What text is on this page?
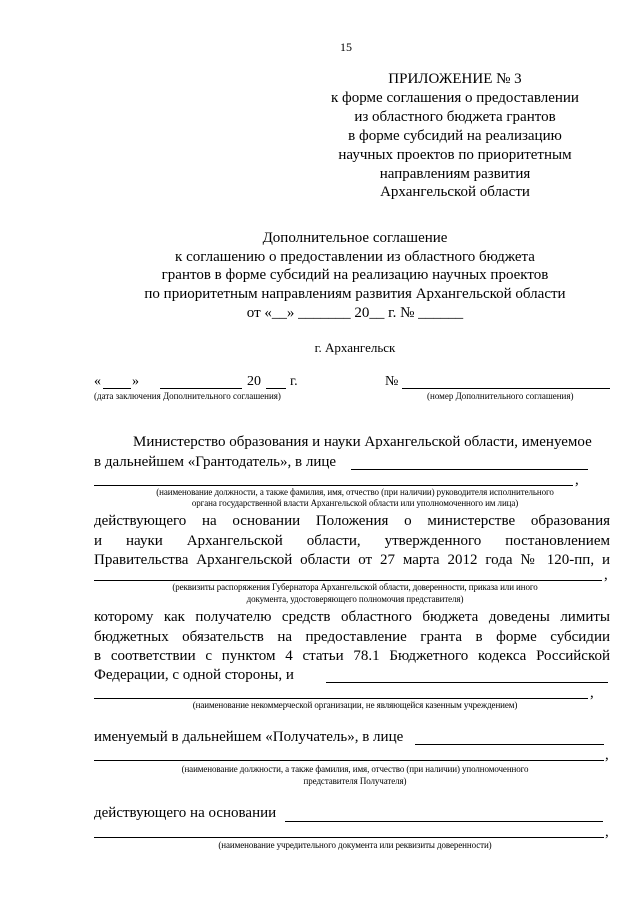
15
ПРИЛОЖЕНИЕ № 3
к форме соглашения о предоставлении
из областного бюджета грантов
в форме субсидий на реализацию
научных проектов по приоритетным
направлениям развития
Архангельской области
Дополнительное соглашение
к соглашению о предоставлении из областного бюджета
грантов в форме субсидий на реализацию научных проектов
по приоритетным направлениям развития Архангельской области
от «__» _______ 20__ г. № ______
г. Архангельск
« »	20 г.
(дата заключения Дополнительного соглашения)
№
(номер Дополнительного соглашения)
Министерство образования и науки Архангельской области, именуемое
в дальнейшем «Грантодатель», в лице
,
(наименование должности, а также фамилия, имя, отчество (при наличии) руководителя исполнительного
органа государственной власти Архангельской области или уполномоченного им лица)
действующего на основании Положения о министерстве образования
и науки Архангельской области, утвержденного постановлением
Правительства Архангельской области от 27 марта 2012 года № 120-пп, и
,
(реквизиты распоряжения Губернатора Архангельской области, доверенности, приказа или иного
документа, удостоверяющего полномочия представителя)
которому как получателю средств областного бюджета доведены лимиты
бюджетных обязательств на предоставление гранта в форме субсидии
в соответствии с пунктом 4 статьи 78.1 Бюджетного кодекса Российской
Федерации, с одной стороны, и
,
(наименование некоммерческой организации, не являющейся казенным учреждением)
именуемый в дальнейшем «Получатель», в лице
,
(наименование должности, а также фамилия, имя, отчество (при наличии) уполномоченного
представителя Получателя)
действующего на основании
,
(наименование учредительного документа или реквизиты доверенности)
